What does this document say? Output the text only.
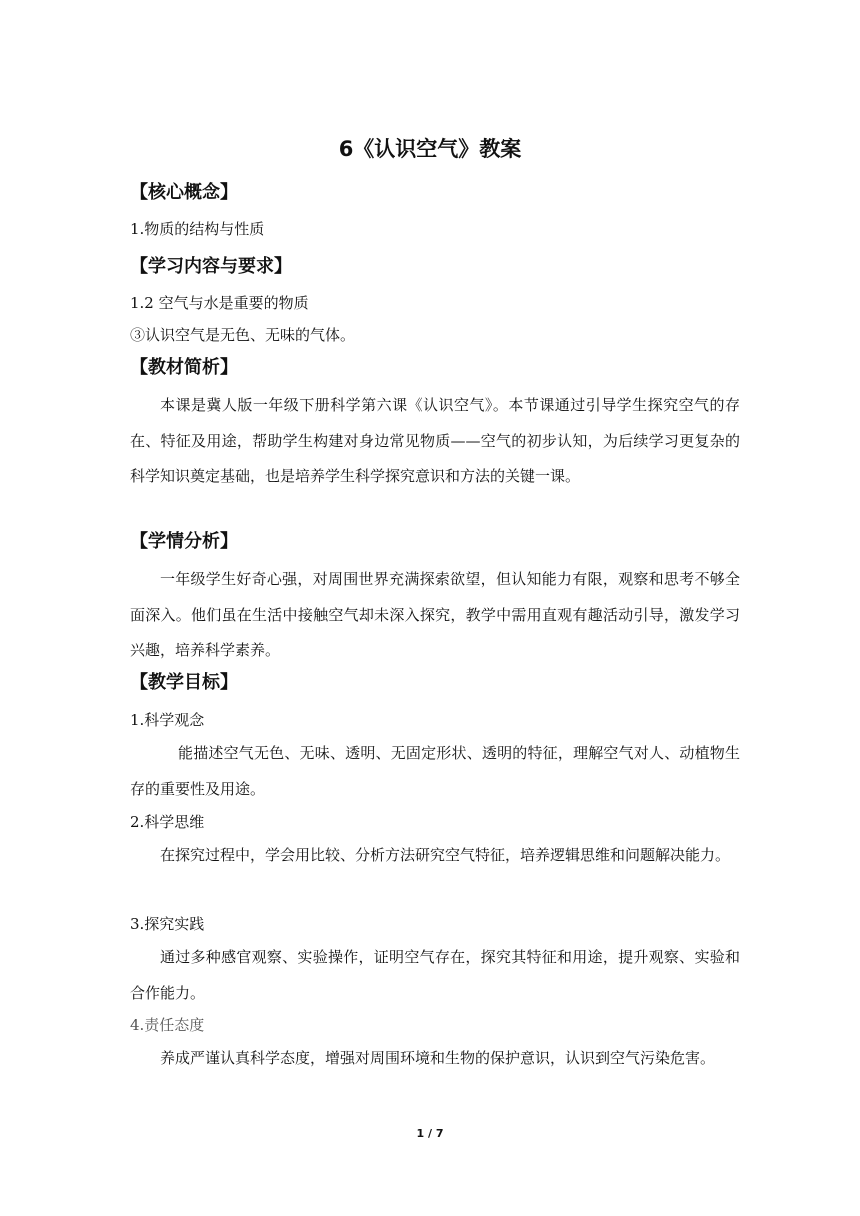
6《认识空气》教案
【核心概念】
1.物质的结构与性质
【学习内容与要求】
1.2 空气与水是重要的物质
③认识空气是无色、无味的气体。
【教材简析】
本课是冀人版一年级下册科学第六课《认识空气》。本节课通过引导学生探究空气的存在、特征及用途，帮助学生构建对身边常见物质——空气的初步认知，为后续学习更复杂的科学知识奠定基础，也是培养学生科学探究意识和方法的关键一课。
【学情分析】
一年级学生好奇心强，对周围世界充满探索欲望，但认知能力有限，观察和思考不够全面深入。他们虽在生活中接触空气却未深入探究，教学中需用直观有趣活动引导，激发学习兴趣，培养科学素养。
【教学目标】
1.科学观念
能描述空气无色、无味、透明、无固定形状、透明的特征，理解空气对人、动植物生存的重要性及用途。
2.科学思维
在探究过程中，学会用比较、分析方法研究空气特征，培养逻辑思维和问题解决能力。
3.探究实践
通过多种感官观察、实验操作，证明空气存在，探究其特征和用途，提升观察、实验和合作能力。
4.责任态度
养成严谨认真科学态度，增强对周围环境和生物的保护意识，认识到空气污染危害。
1 / 7
